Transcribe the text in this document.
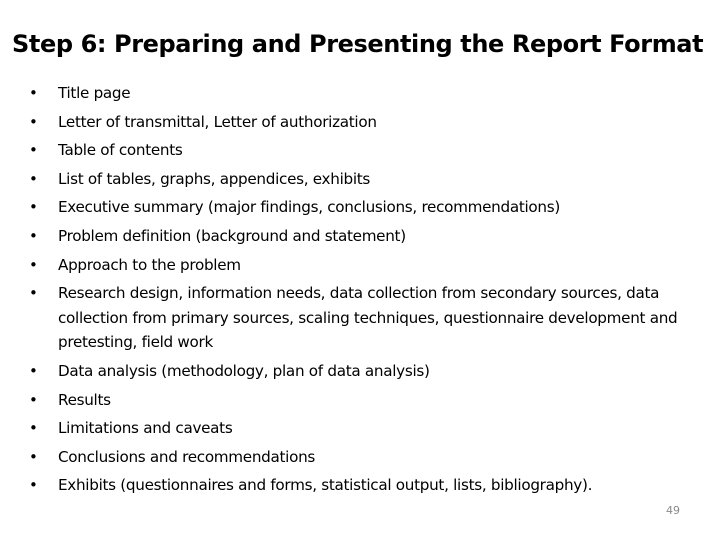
Step 6: Preparing and Presenting the Report Format
• Title page
• Letter of transmittal, Letter of authorization
• Table of contents
• List of tables, graphs, appendices, exhibits
• Executive summary (major findings, conclusions, recommendations)
• Problem definition (background and statement)
• Approach to the problem
• Research design, information needs, data collection from secondary sources, data collection from primary sources, scaling techniques, questionnaire development and pretesting, field work
• Data analysis (methodology, plan of data analysis)
• Results
• Limitations and caveats
• Conclusions and recommendations
• Exhibits (questionnaires and forms, statistical output, lists, bibliography).
49
